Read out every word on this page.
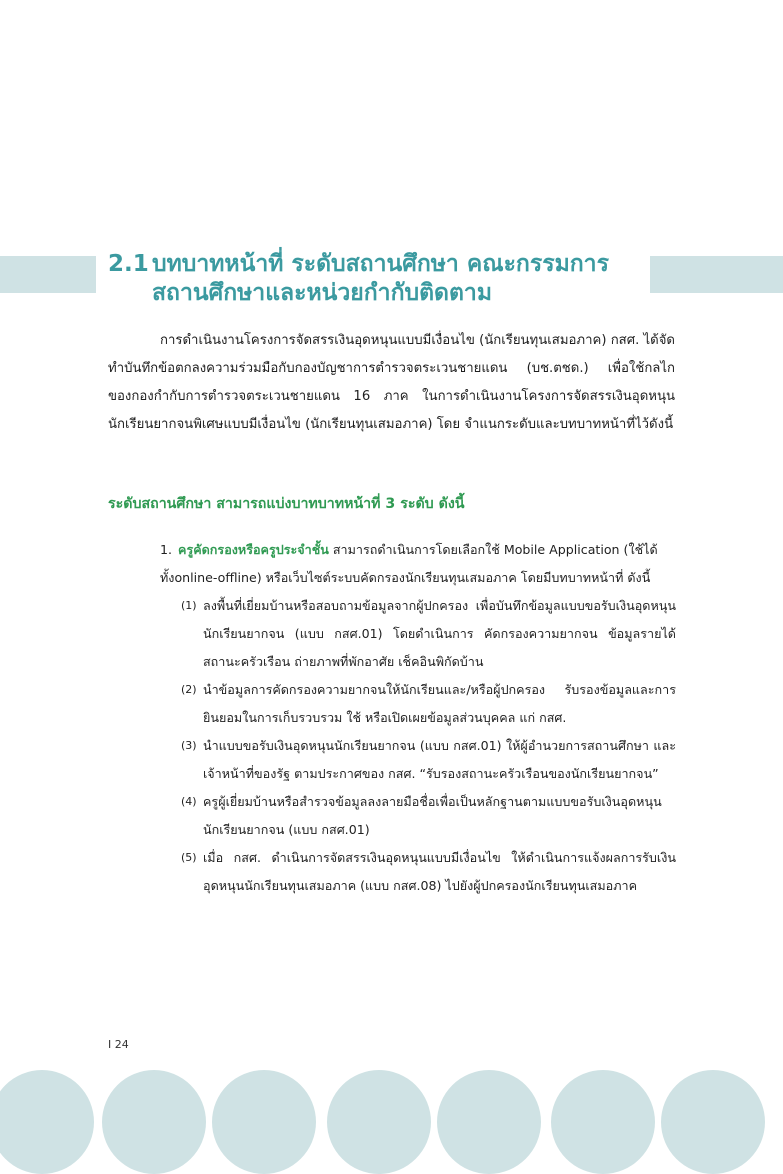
2.1 บทบาทหน้าที่ ระดับสถานศึกษา คณะกรรมการ
สถานศึกษาและหน่วยกำกับติดตาม
การดำเนินงานโครงการจัดสรรเงินอุดหนุนแบบมีเงื่อนไข (นักเรียนทุนเสมอภาค) กสศ. ได้จัดทำบันทึกข้อตกลงความร่วมมือกับกองบัญชาการตำรวจตระเวนชายแดน (บช.ตชด.) เพื่อใช้กลไกของกองกำกับการตำรวจตระเวนชายแดน 16 ภาค ในการดำเนินงานโครงการจัดสรรเงินอุดหนุนนักเรียนยากจนพิเศษแบบมีเงื่อนไข (นักเรียนทุนเสมอภาค) โดย จำแนกระดับและบทบาทหน้าที่ไว้ดังนี้
ระดับสถานศึกษา สามารถแบ่งบาทบาทหน้าที่ 3 ระดับ ดังนี้
1. ครูคัดกรองหรือครูประจำชั้น สามารถดำเนินการโดยเลือกใช้ Mobile Application (ใช้ได้ทั้งonline-offline) หรือเว็บไซต์ระบบคัดกรองนักเรียนทุนเสมอภาค โดยมีบทบาทหน้าที่ ดังนี้
(1) ลงพื้นที่เยี่ยมบ้านหรือสอบถามข้อมูลจากผู้ปกครอง เพื่อบันทึกข้อมูลแบบขอรับเงินอุดหนุนนักเรียนยากจน (แบบ กสศ.01) โดยดำเนินการ คัดกรองความยากจน ข้อมูลรายได้ สถานะครัวเรือน ถ่ายภาพที่พักอาศัย เช็คอินพิกัดบ้าน
(2) นำข้อมูลการคัดกรองความยากจนให้นักเรียนและ/หรือผู้ปกครอง รับรองข้อมูลและการยินยอมในการเก็บรวบรวม ใช้ หรือเปิดเผยข้อมูลส่วนบุคคล แก่ กสศ.
(3) นำแบบขอรับเงินอุดหนุนนักเรียนยากจน (แบบ กสศ.01) ให้ผู้อำนวยการสถานศึกษา และเจ้าหน้าที่ของรัฐ ตามประกาศของ กสศ. “รับรองสถานะครัวเรือนของนักเรียนยากจน”
(4) ครูผู้เยี่ยมบ้านหรือสำรวจข้อมูลลงลายมือชื่อเพื่อเป็นหลักฐานตามแบบขอรับเงินอุดหนุนนักเรียนยากจน (แบบ กสศ.01)
(5) เมื่อ กสศ. ดำเนินการจัดสรรเงินอุดหนุนแบบมีเงื่อนไข ให้ดำเนินการแจ้งผลการรับเงินอุดหนุนนักเรียนทุนเสมอภาค (แบบ กสศ.08) ไปยังผู้ปกครองนักเรียนทุนเสมอภาค
I 24
